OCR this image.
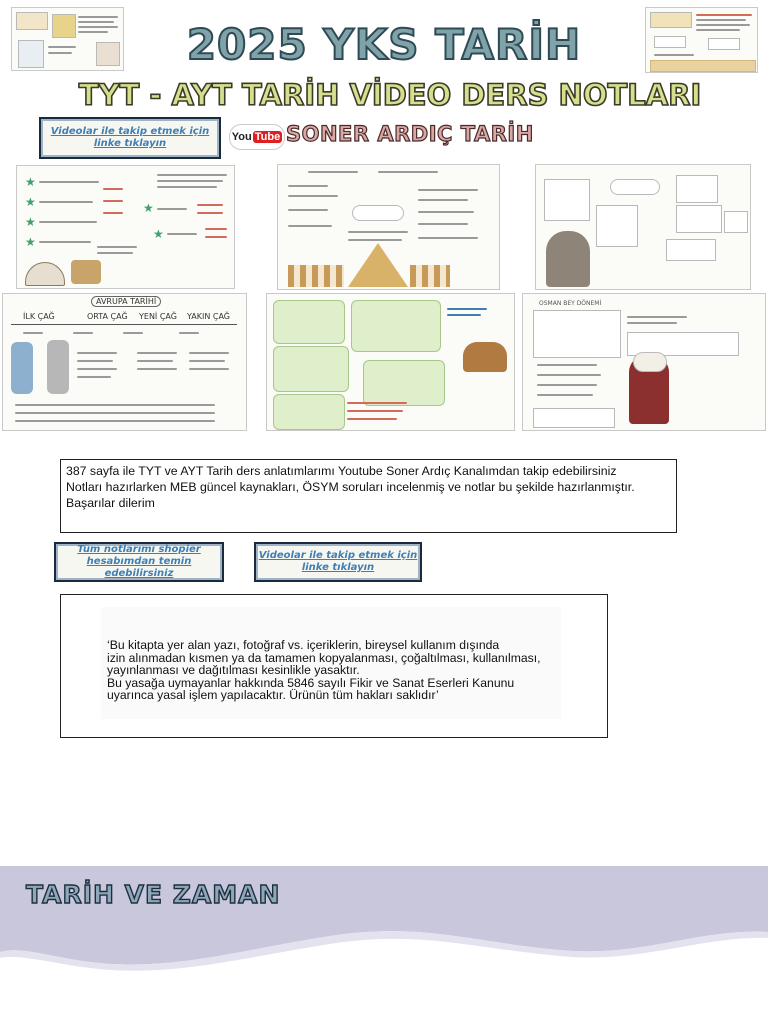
2025 YKS TARİH
TYT - AYT TARİH VİDEO DERS NOTLARI
Videolar ile takip etmek için linke tıklayın
You Tube SONER ARDIÇ TARİH
★
★
★
★
★
★
AVRUPA TARİHİ
İLK ÇAĞ	ORTA ÇAĞ YENİ ÇAĞ YAKIN ÇAĞ
OSMAN BEY DÖNEMİ
387 sayfa ile TYT ve AYT Tarih ders anlatımlarımı Youtube Soner Ardıç Kanalımdan takip edebilirsiniz
Notları hazırlarken MEB güncel kaynakları, ÖSYM soruları incelenmiş ve notlar bu şekilde hazırlanmıştır.
Başarılar dilerim
Tüm notlarımı shopier hesabımdan temin edebilirsiniz
Videolar ile takip etmek için linke tıklayın
‘Bu kitapta yer alan yazı, fotoğraf vs. içeriklerin, bireysel kullanım dışında
izin alınmadan kısmen ya da tamamen kopyalanması, çoğaltılması, kullanılması,
yayınlanması ve dağıtılması kesinlikle yasaktır.
Bu yasağa uymayanlar hakkında 5846 sayılı Fikir ve Sanat Eserleri Kanunu
uyarınca yasal işlem yapılacaktır. Ürünün tüm hakları saklıdır’
TARİH VE ZAMAN
